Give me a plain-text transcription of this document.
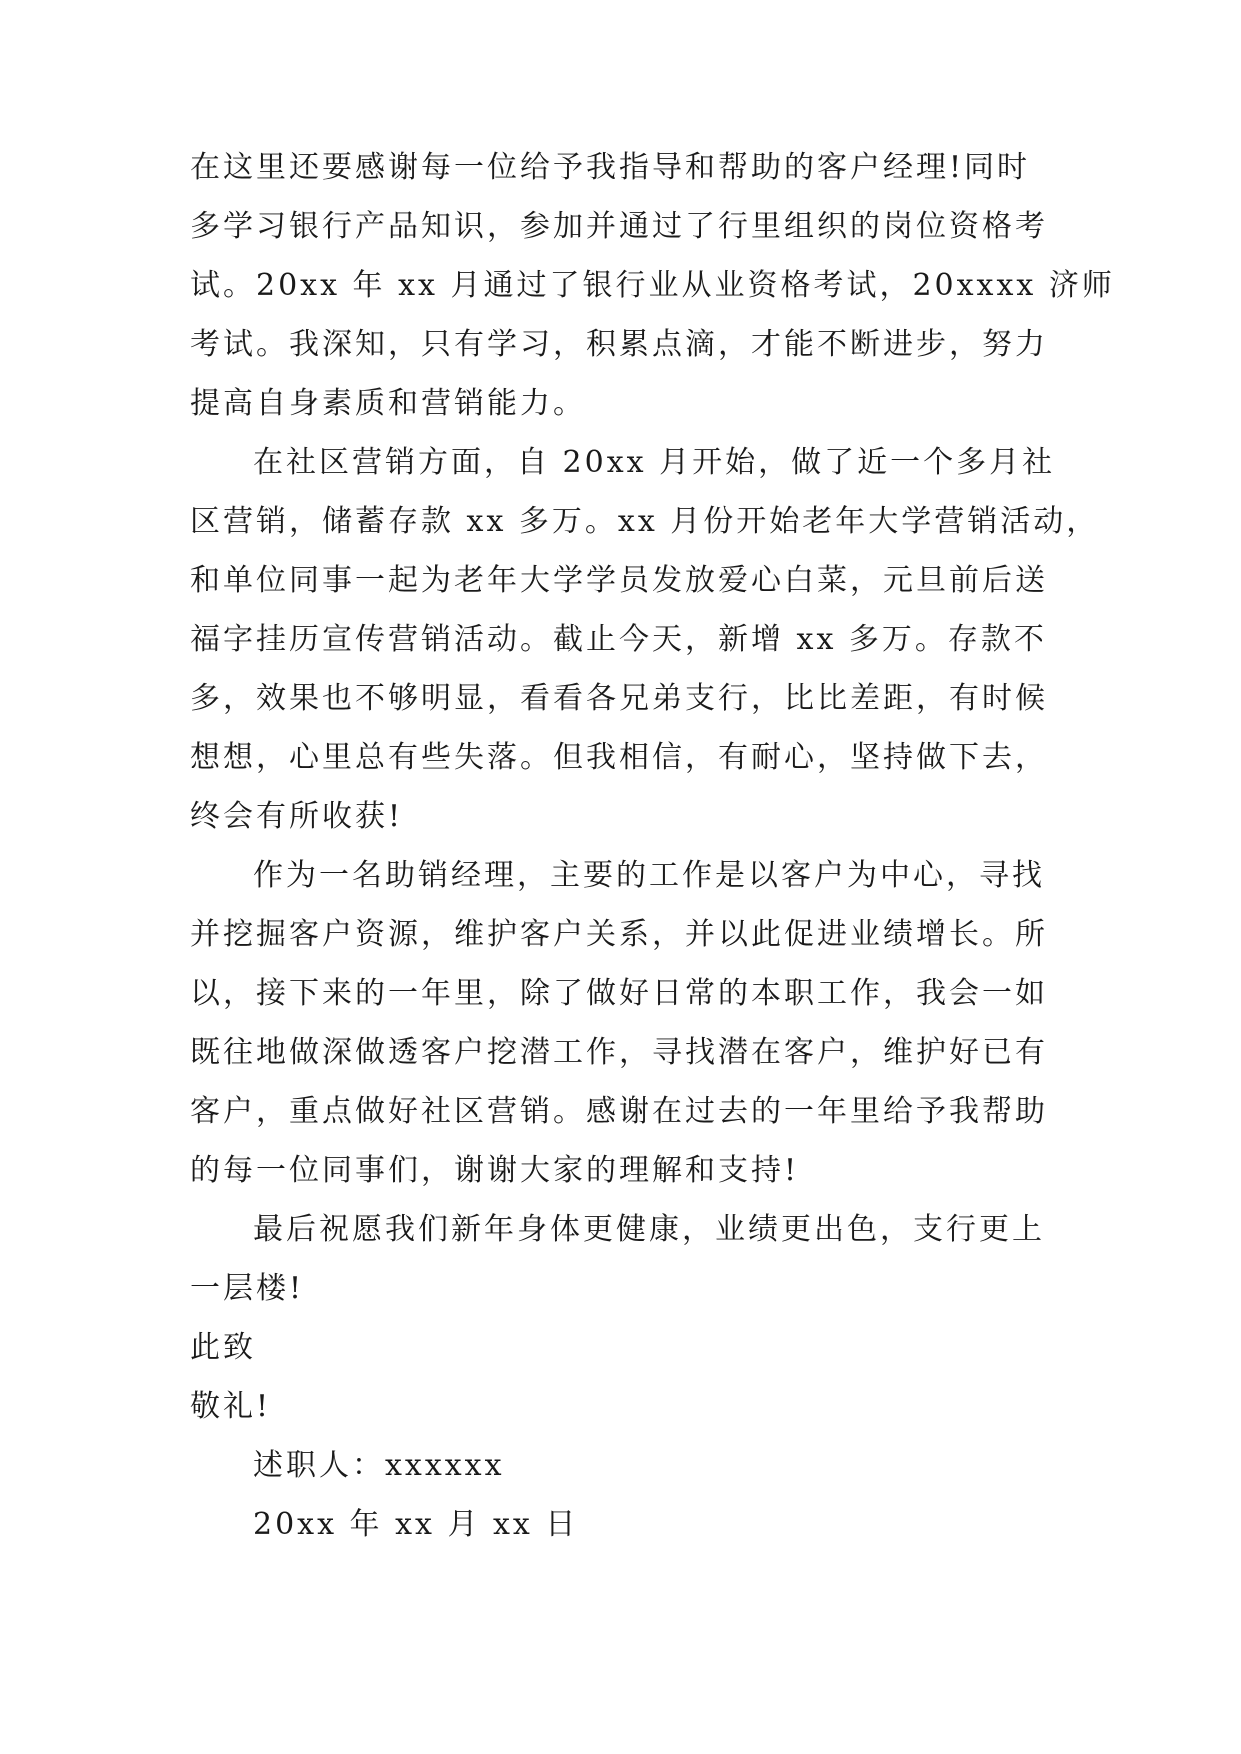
在这里还要感谢每一位给予我指导和帮助的客户经理!同时
多学习银行产品知识，参加并通过了行里组织的岗位资格考
试。20xx 年 xx 月通过了银行业从业资格考试，20xxxx 济师
考试。我深知，只有学习，积累点滴，才能不断进步，努力
提高自身素质和营销能力。
在社区营销方面，自 20xx 月开始，做了近一个多月社
区营销，储蓄存款 xx 多万。xx 月份开始老年大学营销活动，
和单位同事一起为老年大学学员发放爱心白菜，元旦前后送
福字挂历宣传营销活动。截止今天，新增 xx 多万。存款不
多，效果也不够明显，看看各兄弟支行，比比差距，有时候
想想，心里总有些失落。但我相信，有耐心，坚持做下去，
终会有所收获!
作为一名助销经理，主要的工作是以客户为中心，寻找
并挖掘客户资源，维护客户关系，并以此促进业绩增长。所
以，接下来的一年里，除了做好日常的本职工作，我会一如
既往地做深做透客户挖潜工作，寻找潜在客户，维护好已有
客户，重点做好社区营销。感谢在过去的一年里给予我帮助
的每一位同事们，谢谢大家的理解和支持!
最后祝愿我们新年身体更健康，业绩更出色，支行更上
一层楼!
此致
敬礼!
述职人：xxxxxx
20xx 年 xx 月 xx 日
